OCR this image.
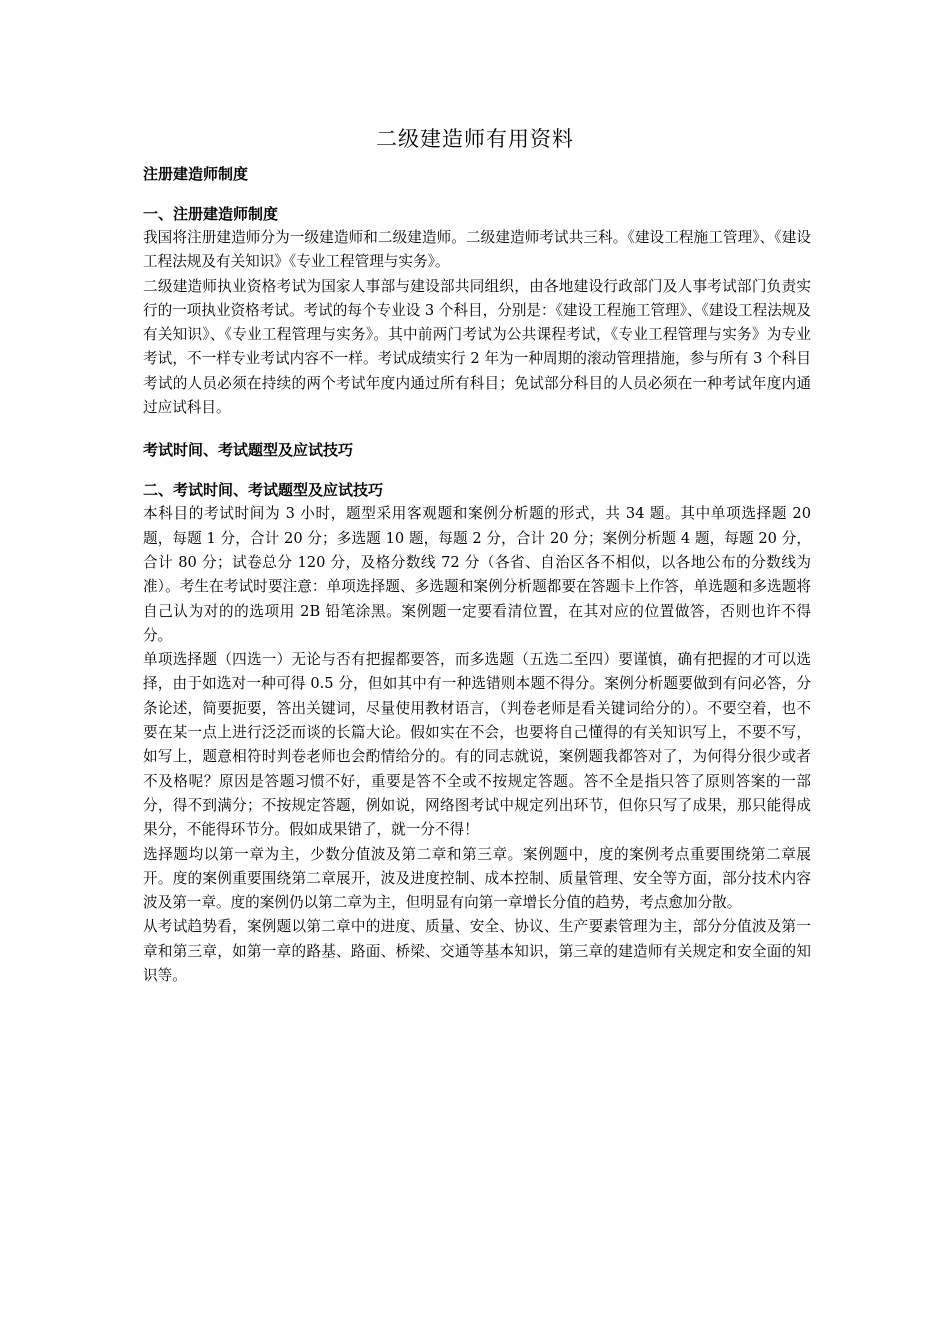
二级建造师有用资料
注册建造师制度
一、注册建造师制度

我国将注册建造师分为一级建造师和二级建造师。二级建造师考试共三科。《建设工程施工管理》、《建设工程法规及有关知识》《专业工程管理与实务》。

二级建造师执业资格考试为国家人事部与建设部共同组织，由各地建设行政部门及人事考试部门负责实行的一项执业资格考试。考试的每个专业设 3 个科目，分别是：《建设工程施工管理》、《建设工程法规及有关知识》、《专业工程管理与实务》。其中前两门考试为公共课程考试，《专业工程管理与实务》为专业考试，不一样专业考试内容不一样。考试成绩实行 2 年为一种周期的滚动管理措施，参与所有 3 个科目考试的人员必须在持续的两个考试年度内通过所有科目；免试部分科目的人员必须在一种考试年度内通过应试科目。

考试时间、考试题型及应试技巧
二、考试时间、考试题型及应试技巧

本科目的考试时间为 3 小时，题型采用客观题和案例分析题的形式，共 34 题。其中单项选择题 20 题，每题 1 分，合计 20 分；多选题 10 题，每题 2 分，合计 20 分；案例分析题 4 题，每题 20 分，合计 80 分；试卷总分 120 分，及格分数线 72 分（各省、自治区各不相似，以各地公布的分数线为准）。考生在考试时要注意：单项选择题、多选题和案例分析题都要在答题卡上作答，单选题和多选题将自己认为对的的选项用 2B 铅笔涂黑。案例题一定要看清位置，在其对应的位置做答，否则也许不得分。

单项选择题（四选一）无论与否有把握都要答，而多选题（五选二至四）要谨慎，确有把握的才可以选择，由于如选对一种可得 0.5 分，但如其中有一种选错则本题不得分。案例分析题要做到有问必答，分条论述，简要扼要，答出关键词，尽量使用教材语言，（判卷老师是看关键词给分的）。不要空着，也不要在某一点上进行泛泛而谈的长篇大论。假如实在不会，也要将自己懂得的有关知识写上，不要不写，如写上，题意相符时判卷老师也会酌情给分的。有的同志就说，案例题我都答对了，为何得分很少或者不及格呢？原因是答题习惯不好，重要是答不全或不按规定答题。答不全是指只答了原则答案的一部分，得不到满分；不按规定答题，例如说，网络图考试中规定列出环节，但你只写了成果，那只能得成果分，不能得环节分。假如成果错了，就一分不得！

选择题均以第一章为主，少数分值波及第二章和第三章。案例题中，度的案例考点重要围绕第二章展开。度的案例重要围绕第二章展开，波及进度控制、成本控制、质量管理、安全等方面，部分技术内容波及第一章。度的案例仍以第二章为主，但明显有向第一章增长分值的趋势，考点愈加分散。

从考试趋势看，案例题以第二章中的进度、质量、安全、协议、生产要素管理为主，部分分值波及第一章和第三章，如第一章的路基、路面、桥梁、交通等基本知识，第三章的建造师有关规定和安全面的知识等。
